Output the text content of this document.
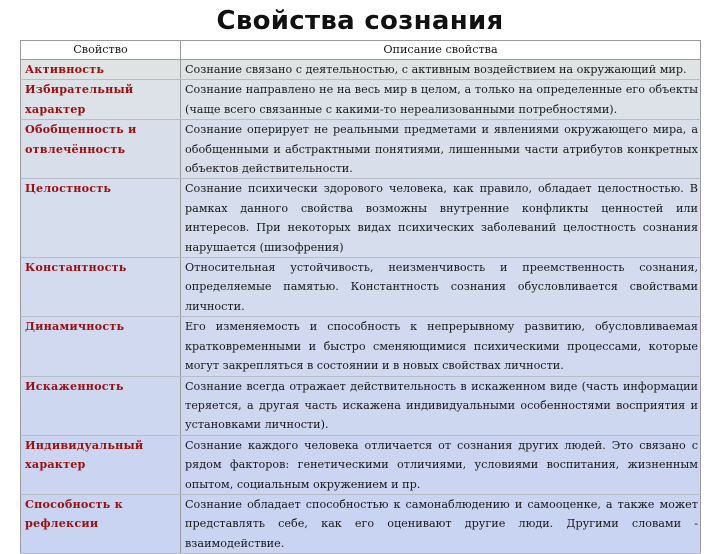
Свойства сознания
Свойство	Описание свойства
Активность	Сознание связано с деятельностью, с активным воздействием на окружающий мир.
Избирательный характер	Сознание направлено не на весь мир в целом, а только на определенные его объекты (чаще всего связанные с какими-то нереализованными потребностями).
Обобщенность и отвлечённость	Сознание оперирует не реальными предметами и явлениями окружающего мира, а обобщенными и абстрактными понятиями, лишенными части атрибутов конкретных объектов действительности.
Целостность	Сознание психически здорового человека, как правило, обладает целостностью. В рамках данного свойства возможны внутренние конфликты ценностей или интересов. При некоторых видах психических заболеваний целостность сознания нарушается (шизофрения)
Константность	Относительная устойчивость, неизменчивость и преемственность сознания, определяемые памятью. Константность сознания обусловливается свойствами личности.
Динамичность	Его изменяемость и способность к непрерывному развитию, обусловливаемая кратковременными и быстро сменяющимися психическими процессами, которые могут закрепляться в состоянии и в новых свойствах личности.
Искаженность	Сознание всегда отражает действительность в искаженном виде (часть информации теряется, а другая часть искажена индивидуальными особенностями восприятия и установками личности).
Индивидуальный характер	Сознание каждого человека отличается от сознания других людей. Это связано с рядом факторов: генетическими отличиями, условиями воспитания, жизненным опытом, социальным окружением и пр.
Способность к рефлексии	Сознание обладает способностью к самонаблюдению и самооценке, а также может представлять себе, как его оценивают другие люди. Другими словами - взаимодействие.
